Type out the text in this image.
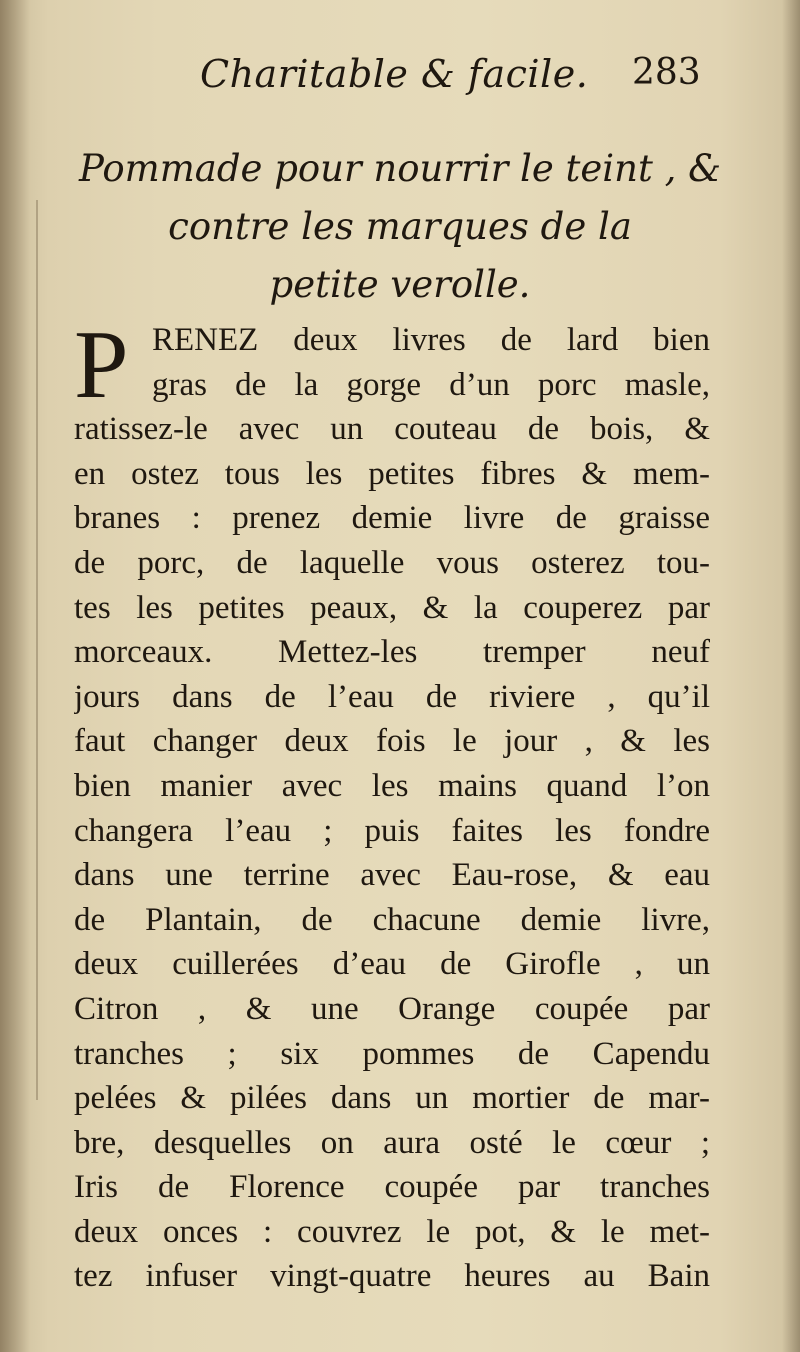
Charitable & facile. 283
Pommade pour nourrir le teint , &
contre les marques de la
petite verolle.
P RENEZ deux livres de lard bien
gras de la gorge d’un porc masle,
ratissez-le avec un couteau de bois, &
en ostez tous les petites fibres & mem-
branes : prenez demie livre de graisse
de porc, de laquelle vous osterez tou-
tes les petites peaux, & la couperez par
morceaux. Mettez-les tremper neuf
jours dans de l’eau de riviere , qu’il
faut changer deux fois le jour , & les
bien manier avec les mains quand l’on
changera l’eau ; puis faites les fondre
dans une terrine avec Eau-rose, & eau
de Plantain, de chacune demie livre,
deux cuillerées d’eau de Girofle , un
Citron , & une Orange coupée par
tranches ; six pommes de Capendu
pelées & pilées dans un mortier de mar-
bre, desquelles on aura osté le cœur ;
Iris de Florence coupée par tranches
deux onces : couvrez le pot, & le met-
tez infuser vingt-quatre heures au Bain
